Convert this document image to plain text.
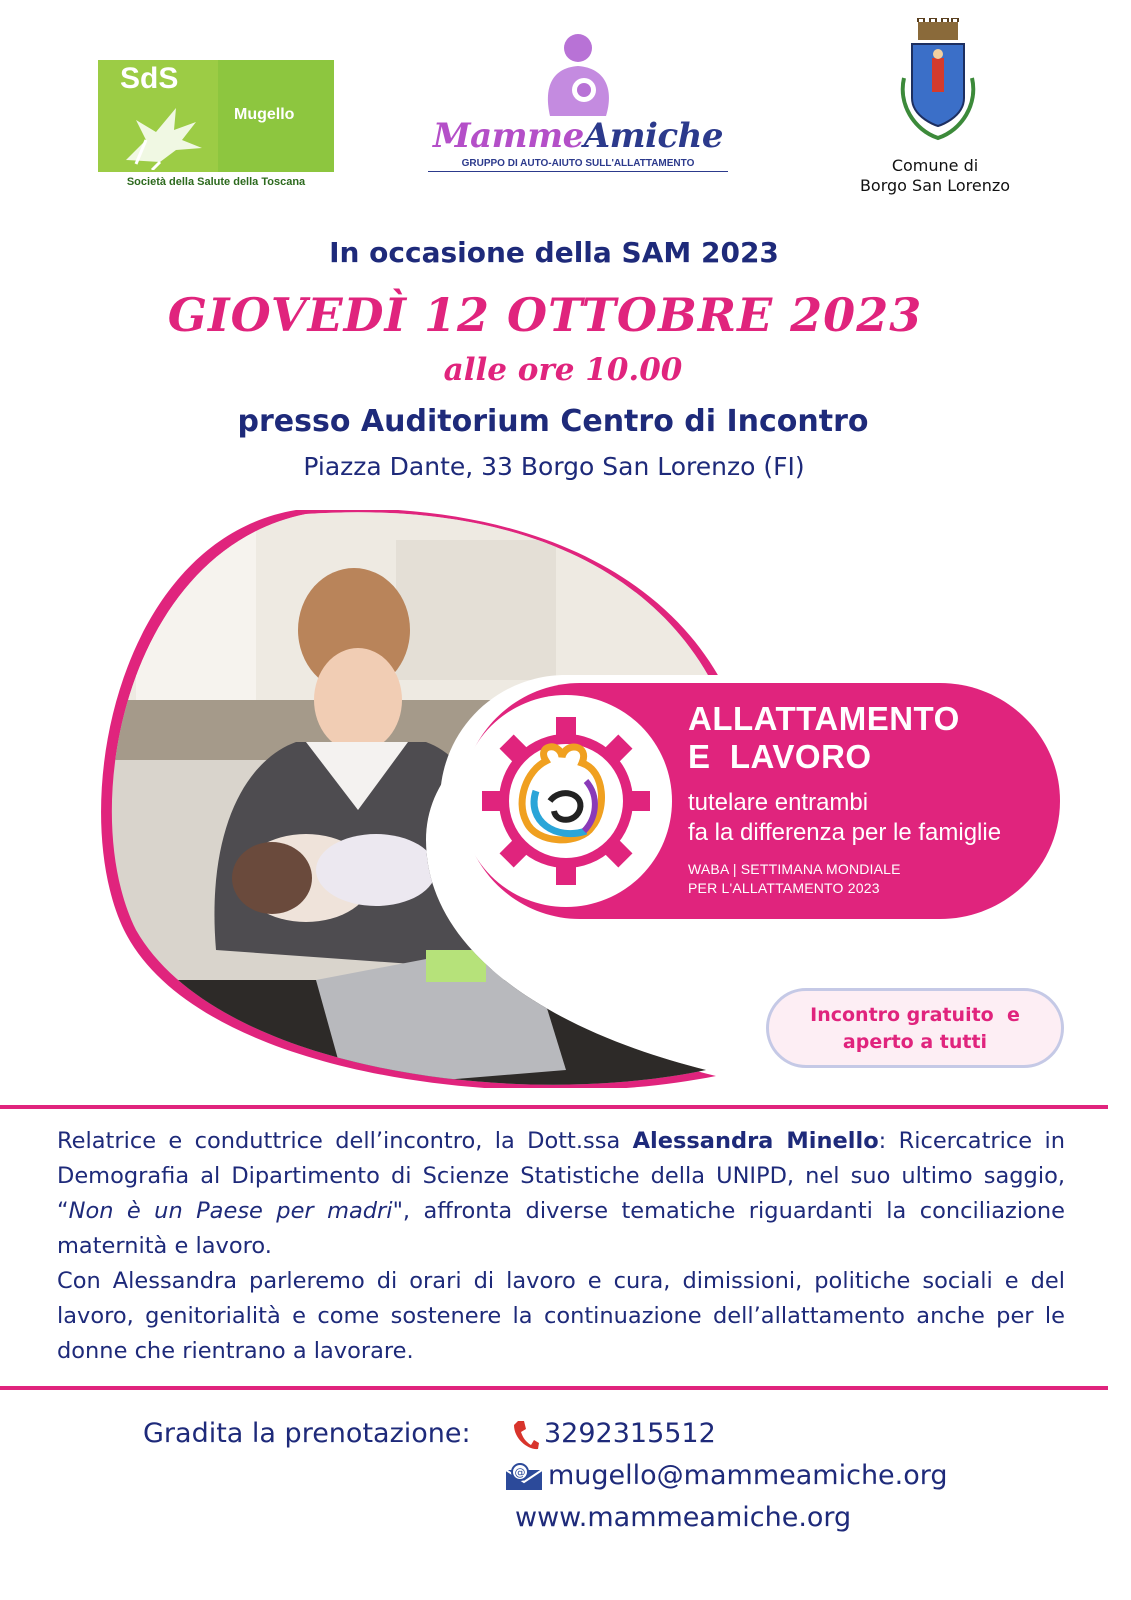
SdS
Mugello
Società della Salute della Toscana
MammeAmiche
GRUPPO DI AUTO-AIUTO SULL'ALLATTAMENTO	Comune di
Borgo San Lorenzo
In occasione della SAM 2023
GIOVEDÌ 12 OTTOBRE 2023
alle ore 10.00
presso Auditorium Centro di Incontro
Piazza Dante, 33 Borgo San Lorenzo (FI)
ALLATTAMENTO
E  LAVORO
tutelare entrambi
fa la differenza per le famiglie
WABA | SETTIMANA MONDIALE
PER L'ALLATTAMENTO 2023
Incontro gratuito  e
aperto a tutti

Relatrice e conduttrice dell’incontro, la Dott.ssa Alessandra Minello: Ricercatrice in Demografia al Dipartimento di Scienze Statistiche della UNIPD, nel suo ultimo saggio, “Non è un Paese per madri", affronta diverse tematiche riguardanti la conciliazione maternità e lavoro.

Con Alessandra parleremo di orari di lavoro e cura, dimissioni, politiche sociali e del lavoro, genitorialità e come sostenere la continuazione dell’allattamento anche per le donne che rientrano a lavorare.

Gradita la prenotazione:	3292315512
@ mugello@mammeamiche.org
www.mammeamiche.org
